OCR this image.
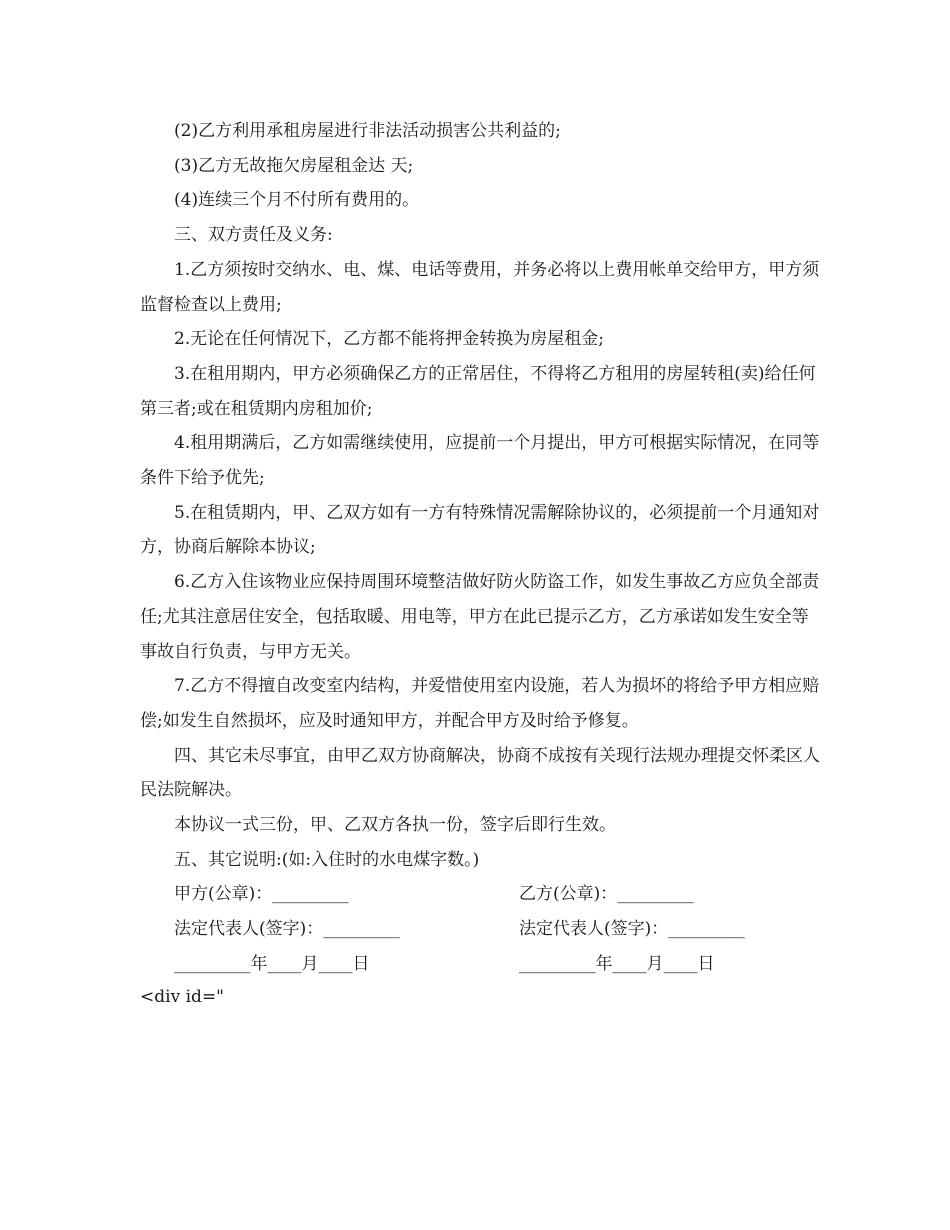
(2)乙方利用承租房屋进行非法活动损害公共利益的;

(3)乙方无故拖欠房屋租金达 天;

(4)连续三个月不付所有费用的。

三、双方责任及义务:

1.乙方须按时交纳水、电、煤、电话等费用，并务必将以上费用帐单交给甲方，甲方须监督检查以上费用;

2.无论在任何情况下，乙方都不能将押金转换为房屋租金;

3.在租用期内，甲方必须确保乙方的正常居住，不得将乙方租用的房屋转租(卖)给任何第三者;或在租赁期内房租加价;

4.租用期满后，乙方如需继续使用，应提前一个月提出，甲方可根据实际情况，在同等条件下给予优先;

5.在租赁期内，甲、乙双方如有一方有特殊情况需解除协议的，必须提前一个月通知对方，协商后解除本协议;

6.乙方入住该物业应保持周围环境整洁做好防火防盗工作，如发生事故乙方应负全部责任;尤其注意居住安全，包括取暖、用电等，甲方在此已提示乙方，乙方承诺如发生安全等事故自行负责，与甲方无关。

7.乙方不得擅自改变室内结构，并爱惜使用室内设施，若人为损坏的将给予甲方相应赔偿;如发生自然损坏，应及时通知甲方，并配合甲方及时给予修复。

四、其它未尽事宜，由甲乙双方协商解决，协商不成按有关现行法规办理提交怀柔区人民法院解决。

本协议一式三份，甲、乙双方各执一份，签字后即行生效。

五、其它说明:(如:入住时的水电煤字数。)

甲方(公章)：_________	乙方(公章)：_________
法定代表人(签字)：_________	法定代表人(签字)：_________
_________年____月____日	_________年____月____日
<div id="
